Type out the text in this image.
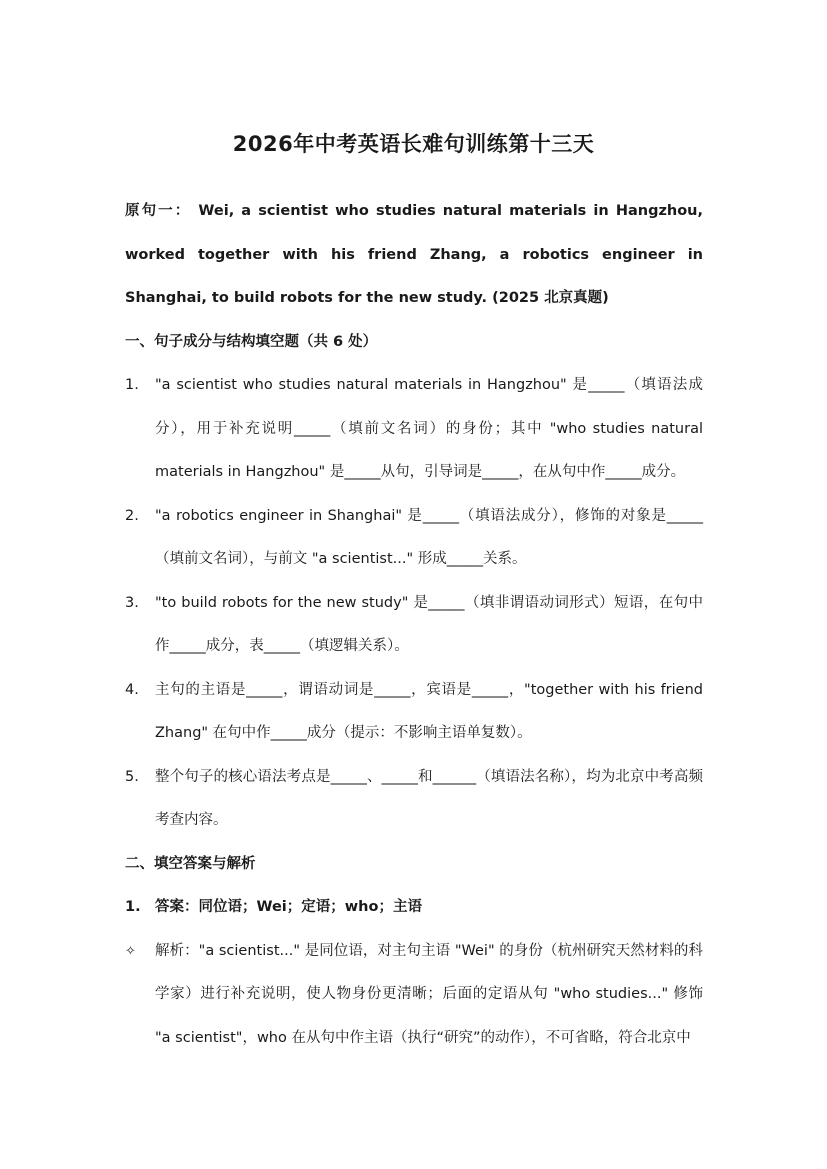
2026年中考英语长难句训练第十三天

原句一： Wei, a scientist who studies natural materials in Hangzhou, worked together with his friend Zhang, a robotics engineer in Shanghai, to build robots for the new study. (2025 北京真题)

一、句子成分与结构填空题（共 6 处）

1. "a scientist who studies natural materials in Hangzhou" 是_____（填语法成分），用于补充说明_____（填前文名词）的身份；其中 "who studies natural materials in Hangzhou" 是_____从句，引导词是_____，在从句中作_____成分。
2. "a robotics engineer in Shanghai" 是_____（填语法成分），修饰的对象是_____（填前文名词），与前文 "a scientist..." 形成_____关系。
3. "to build robots for the new study" 是_____（填非谓语动词形式）短语，在句中作_____成分，表_____（填逻辑关系）。
4. 主句的主语是_____，谓语动词是_____，宾语是_____，"together with his friend Zhang" 在句中作_____成分（提示：不影响主语单复数）。
5. 整个句子的核心语法考点是_____、_____和______（填语法名称），均为北京中考高频考查内容。

二、填空答案与解析

1. 答案：同位语；Wei；定语；who；主语
✧ 解析："a scientist..." 是同位语，对主句主语 "Wei" 的身份（杭州研究天然材料的科学家）进行补充说明，使人物身份更清晰；后面的定语从句 "who studies..." 修饰 "a scientist"，who 在从句中作主语（执行“研究”的动作），不可省略，符合北京中
